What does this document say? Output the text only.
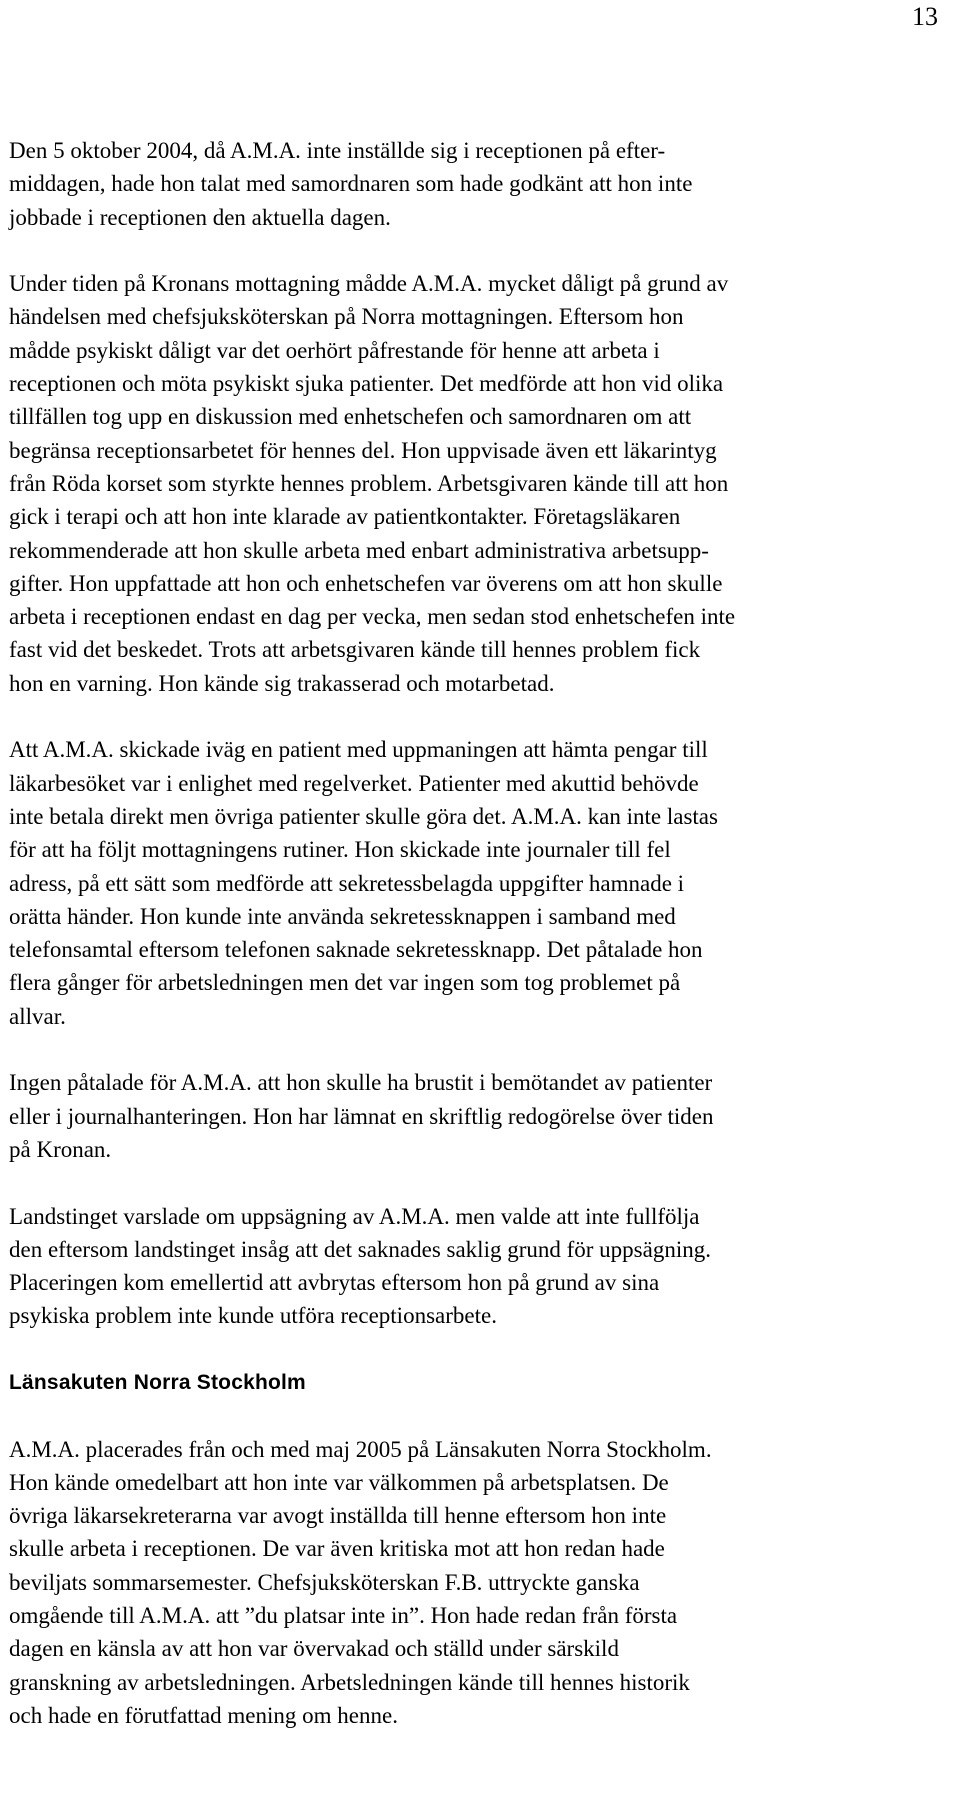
13

Den 5 oktober 2004, då A.M.A. inte inställde sig i receptionen på efter-
middagen, hade hon talat med samordnaren som hade godkänt att hon inte
jobbade i receptionen den aktuella dagen.

Under tiden på Kronans mottagning mådde A.M.A. mycket dåligt på grund av
händelsen med chefsjuksköterskan på Norra mottagningen. Eftersom hon
mådde psykiskt dåligt var det oerhört påfrestande för henne att arbeta i
receptionen och möta psykiskt sjuka patienter. Det medförde att hon vid olika
tillfällen tog upp en diskussion med enhetschefen och samordnaren om att
begränsa receptionsarbetet för hennes del. Hon uppvisade även ett läkarintyg
från Röda korset som styrkte hennes problem. Arbetsgivaren kände till att hon
gick i terapi och att hon inte klarade av patientkontakter. Företagsläkaren
rekommenderade att hon skulle arbeta med enbart administrativa arbetsupp-
gifter. Hon uppfattade att hon och enhetschefen var överens om att hon skulle
arbeta i receptionen endast en dag per vecka, men sedan stod enhetschefen inte
fast vid det beskedet. Trots att arbetsgivaren kände till hennes problem fick
hon en varning. Hon kände sig trakasserad och motarbetad.

Att A.M.A. skickade iväg en patient med uppmaningen att hämta pengar till
läkarbesöket var i enlighet med regelverket. Patienter med akuttid behövde
inte betala direkt men övriga patienter skulle göra det. A.M.A. kan inte lastas
för att ha följt mottagningens rutiner. Hon skickade inte journaler till fel
adress, på ett sätt som medförde att sekretessbelagda uppgifter hamnade i
orätta händer. Hon kunde inte använda sekretessknappen i samband med
telefonsamtal eftersom telefonen saknade sekretessknapp. Det påtalade hon
flera gånger för arbetsledningen men det var ingen som tog problemet på
allvar.

Ingen påtalade för A.M.A. att hon skulle ha brustit i bemötandet av patienter
eller i journalhanteringen. Hon har lämnat en skriftlig redogörelse över tiden
på Kronan.

Landstinget varslade om uppsägning av A.M.A. men valde att inte fullfölja
den eftersom landstinget insåg att det saknades saklig grund för uppsägning.
Placeringen kom emellertid att avbrytas eftersom hon på grund av sina
psykiska problem inte kunde utföra receptionsarbete.

Länsakuten Norra Stockholm

A.M.A. placerades från och med maj 2005 på Länsakuten Norra Stockholm.
Hon kände omedelbart att hon inte var välkommen på arbetsplatsen. De
övriga läkarsekreterarna var avogt inställda till henne eftersom hon inte
skulle arbeta i receptionen. De var även kritiska mot att hon redan hade
beviljats sommarsemester. Chefsjuksköterskan F.B. uttryckte ganska
omgående till A.M.A. att ”du platsar inte in”. Hon hade redan från första
dagen en känsla av att hon var övervakad och ställd under särskild
granskning av arbetsledningen. Arbetsledningen kände till hennes historik
och hade en förutfattad mening om henne.
